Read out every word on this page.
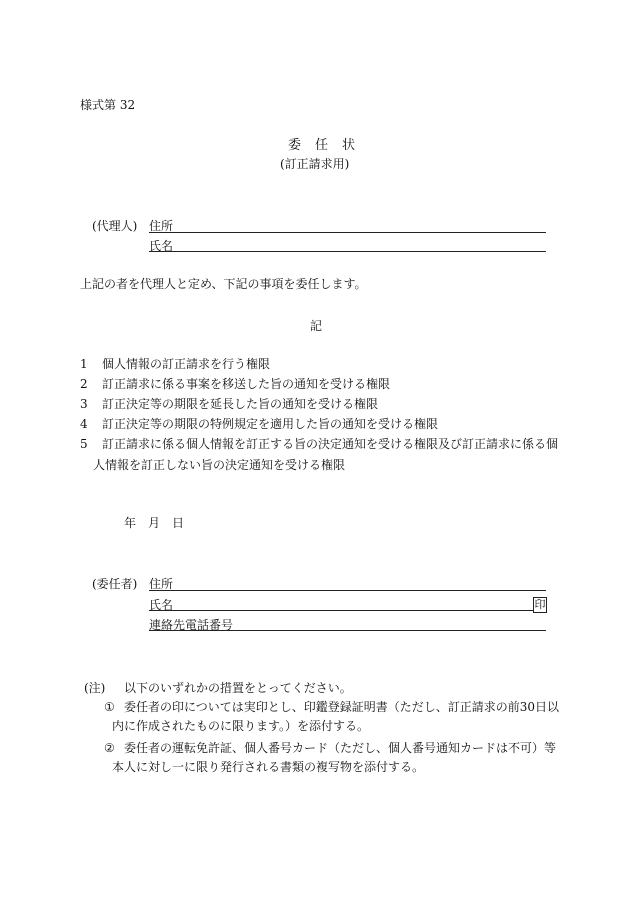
様式第 32
委任状
(訂正請求用)
(代理人) 住所
氏名
上記の者を代理人と定め、下記の事項を委任します。
記
1 個人情報の訂正請求を行う権限
2 訂正請求に係る事案を移送した旨の通知を受ける権限
3 訂正決定等の期限を延長した旨の通知を受ける権限
4 訂正決定等の期限の特例規定を適用した旨の通知を受ける権限
5 訂正請求に係る個人情報を訂正する旨の決定通知を受ける権限及び訂正請求に係る個
人情報を訂正しない旨の決定通知を受ける権限
年　月　日
(委任者) 住所
氏名	印
連絡先電話番号
(注) 以下のいずれかの措置をとってください。
① 委任者の印については実印とし、印鑑登録証明書（ただし、訂正請求の前30日以
内に作成されたものに限ります。）を添付する。
② 委任者の運転免許証、個人番号カード（ただし、個人番号通知カードは不可）等
本人に対し一に限り発行される書類の複写物を添付する。
